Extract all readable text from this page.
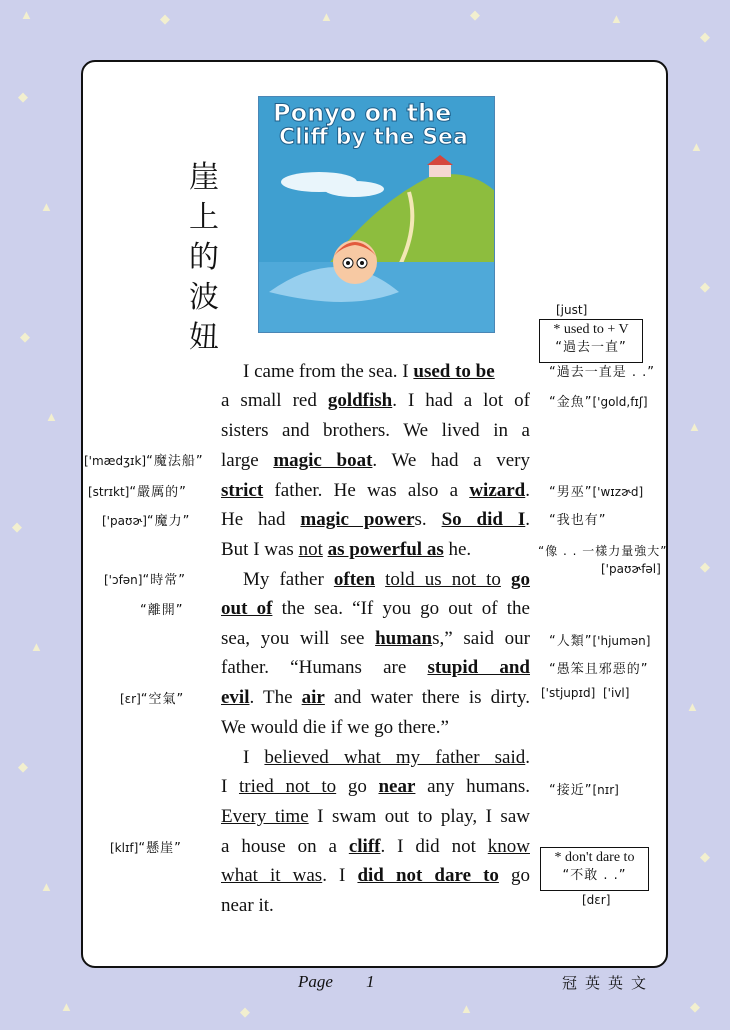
▲	◆	▲	◆	▲
◆
◆
▲
◆
▲
◆
▲
◆
▲
▲
◆
▲
◆
▲
◆
▲	◆	▲	◆
崖上的波妞
Ponyo on the
Cliff by the Sea
I came from the sea. I used to be
a small red goldfish. I had a lot of
sisters and brothers. We lived in a
large magic boat. We had a very
strict father. He was also a wizard.
He had magic powers. So did I.
But I was not as powerful as he.
My father often told us not to go
out of the sea. “If you go out of the
sea, you will see humans,” said our
father. “Humans are stupid and
evil. The air and water there is dirty.
We would die if we go there.”
I believed what my father said.
I tried not to go near any humans.
Every time I swam out to play, I saw
a house on a cliff. I did not know
what it was. I did not dare to go
near it.
['mædʒɪk]“魔法船”
[strɪkt]“嚴厲的”
['paʊɚ]“魔力”
['ɔfən]“時常”
“離開”
[ɛr]“空氣”
[klɪf]“懸崖”
[just]
* used to + V
“過去一直”
“過去一直是 . .”
“金魚”['gold,fɪʃ]
“男巫”['wɪzɚd]
“我也有”
“像 . . 一樣力量強大”
['paʊɚfəl]
“人類”['hjumən]
“愚笨且邪惡的”
['stjupɪd] ['ivl]
“接近”[nɪr]
* don't dare to
“不敢 . .”
[dɛr]
Page 1	冠英英文
